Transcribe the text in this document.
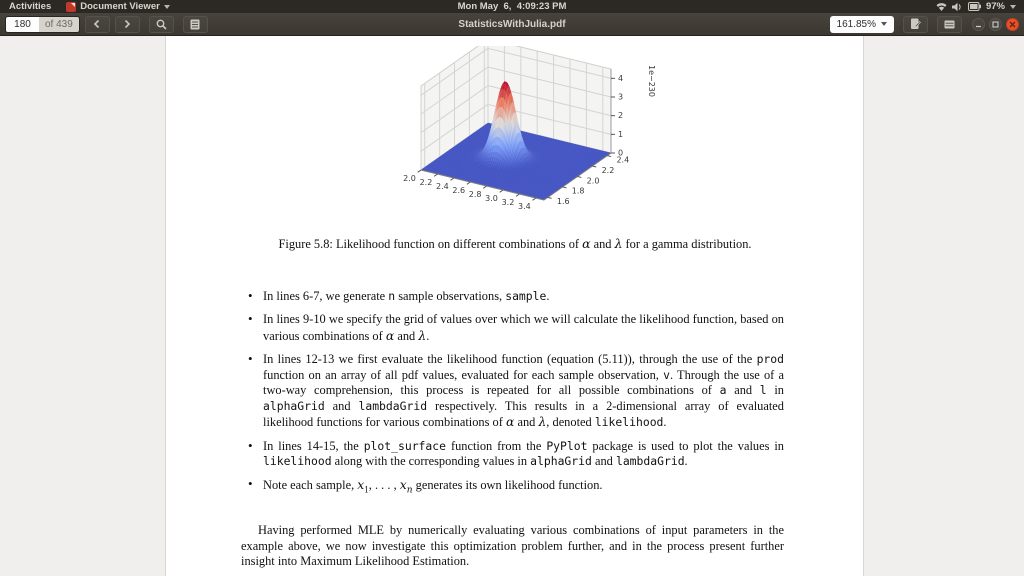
Activities	Document Viewer	Mon May  6,  4:09:23 PM	97%
180	of 439	StatisticsWithJulia.pdf	161.85%
Figure 5.8: Likelihood function on different combinations of α and λ for a gamma distribution.
• In lines 6-7, we generate n sample observations, sample.
• In lines 9-10 we specify the grid of values over which we will calculate the likelihood function, based on various combinations of α and λ.
• In lines 12-13 we first evaluate the likelihood function (equation (5.11)), through the use of the prod function on an array of all pdf values, evaluated for each sample observation, v. Through the use of a two-way comprehension, this process is repeated for all possible combinations of a and l in alphaGrid and lambdaGrid respectively. This results in a 2-dimensional array of evaluated likelihood functions for various combinations of α and λ, denoted likelihood.
• In lines 14-15, the plot_surface function from the PyPlot package is used to plot the values in likelihood along with the corresponding values in alphaGrid and lambdaGrid.
• Note each sample, $x_1$, . . . , $x_n$ generates its own likelihood function.

Having performed MLE by numerically evaluating various combinations of input parameters in the example above, we now investigate this optimization problem further, and in the process present further insight into Maximum Likelihood Estimation.
